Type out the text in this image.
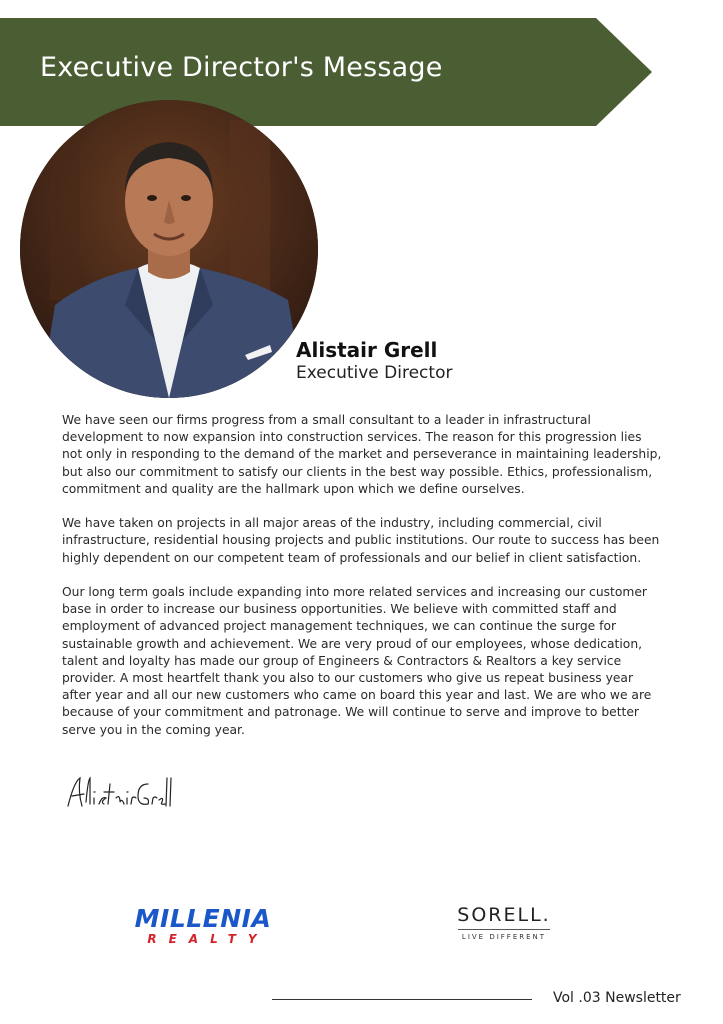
Executive Director's Message
Alistair Grell
Executive Director

We have seen our firms progress from a small consultant to a leader in infrastructural development to now expansion into construction services. The reason for this progression lies not only in responding to the demand of the market and perseverance in maintaining leadership, but also our commitment to satisfy our clients in the best way possible. Ethics, professionalism, commitment and quality are the hallmark upon which we define ourselves.

We have taken on projects in all major areas of the industry, including commercial, civil infrastructure, residential housing projects and public institutions. Our route to success has been highly dependent on our competent team of professionals and our belief in client satisfaction.

Our long term goals include expanding into more related services and increasing our customer base in order to increase our business opportunities. We believe with committed staff and employment of advanced project management techniques, we can continue the surge for sustainable growth and achievement. We are very proud of our employees, whose dedication, talent and loyalty has made our group of Engineers & Contractors & Realtors a key service provider. A most heartfelt thank you also to our customers who give us repeat business year after year and all our new customers who came on board this year and last. We are who we are because of your commitment and patronage. We will continue to serve and improve to better serve you in the coming year.

MILLENIA
REALTY
SORELL.
LIVE DIFFERENT
Vol .03 Newsletter
